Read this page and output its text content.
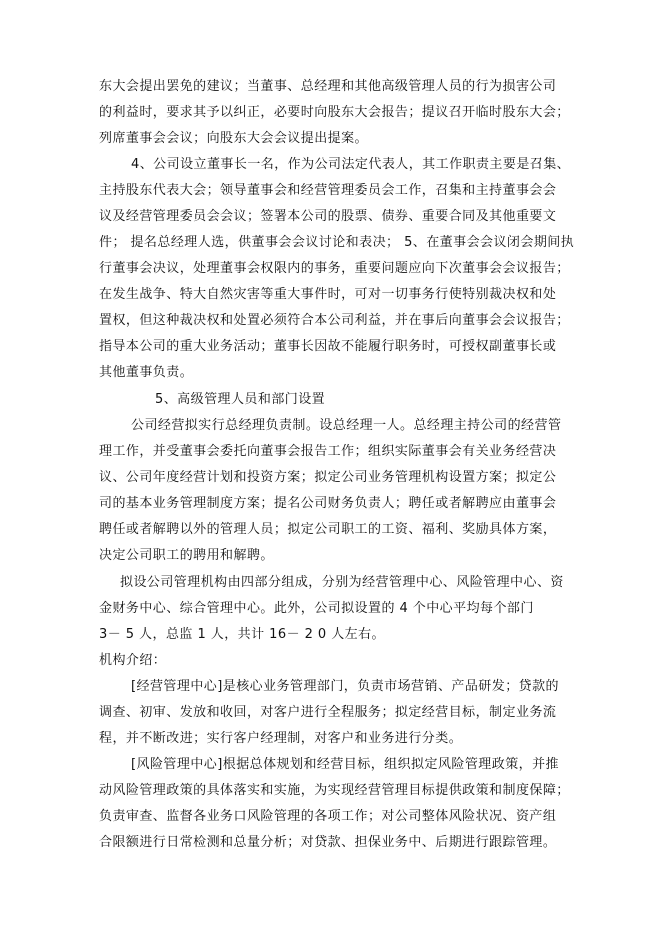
东大会提出罢免的建议；当董事、总经理和其他高级管理人员的行为损害公司
的利益时，要求其予以纠正，必要时向股东大会报告；提议召开临时股东大会；
列席董事会会议；向股东大会会议提出提案。
4、公司设立董事长一名，作为公司法定代表人，其工作职责主要是召集、
主持股东代表大会；领导董事会和经营管理委员会工作，召集和主持董事会会
议及经营管理委员会会议；签署本公司的股票、债券、重要合同及其他重要文
件； 提名总经理人选，供董事会会议讨论和表决； 5、在董事会会议闭会期间执
行董事会决议，处理董事会权限内的事务，重要问题应向下次董事会会议报告；
在发生战争、特大自然灾害等重大事件时，可对一切事务行使特别裁决权和处
置权，但这种裁决权和处置必须符合本公司利益，并在事后向董事会会议报告；
指导本公司的重大业务活动；董事长因故不能履行职务时，可授权副董事长或
其他董事负责。
5、高级管理人员和部门设置
公司经营拟实行总经理负责制。设总经理一人。总经理主持公司的经营管
理工作，并受董事会委托向董事会报告工作；组织实际董事会有关业务经营决
议、公司年度经营计划和投资方案；拟定公司业务管理机构设置方案；拟定公
司的基本业务管理制度方案；提名公司财务负责人；聘任或者解聘应由董事会
聘任或者解聘以外的管理人员；拟定公司职工的工资、福利、奖励具体方案，
决定公司职工的聘用和解聘。
拟设公司管理机构由四部分组成，分别为经营管理中心、风险管理中心、资
金财务中心、综合管理中心。此外，公司拟设置的 4 个中心平均每个部门
3－ 5 人，总监 1 人，共计 16－ 2 0 人左右。
机构介绍：
[经营管理中心]是核心业务管理部门，负责市场营销、产品研发；贷款的
调查、初审、发放和收回，对客户进行全程服务；拟定经营目标，制定业务流
程，并不断改进；实行客户经理制，对客户和业务进行分类。
[风险管理中心]根据总体规划和经营目标，组织拟定风险管理政策，并推
动风险管理政策的具体落实和实施，为实现经营管理目标提供政策和制度保障；
负责审查、监督各业务口风险管理的各项工作；对公司整体风险状况、资产组
合限额进行日常检测和总量分析；对贷款、担保业务中、后期进行跟踪管理。
